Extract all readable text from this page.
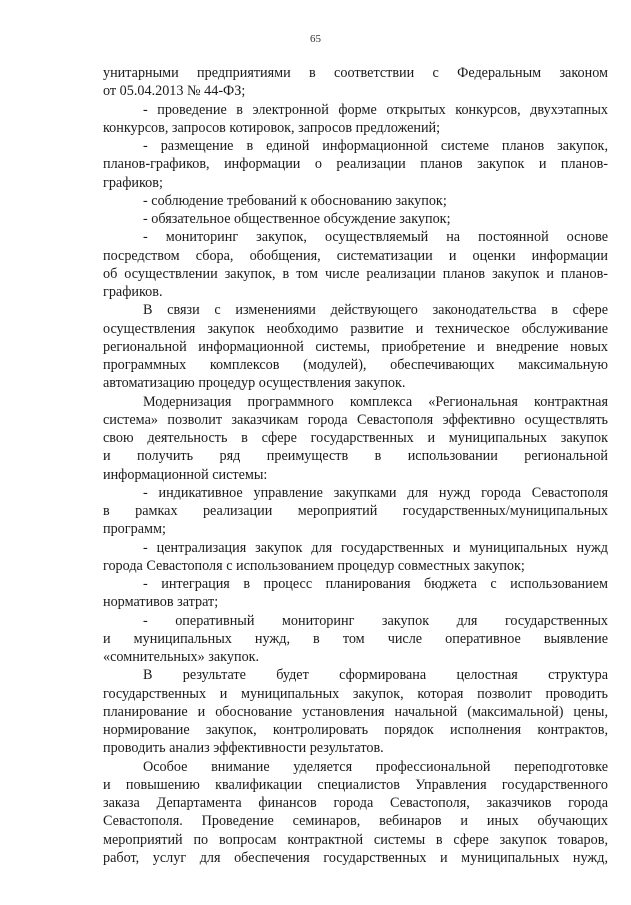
65
унитарными предприятиями в соответствии с Федеральным законом
от 05.04.2013 № 44-ФЗ;
- проведение в электронной форме открытых конкурсов, двухэтапных
конкурсов, запросов котировок, запросов предложений;
- размещение в единой информационной системе планов закупок,
планов-графиков, информации о реализации планов закупок и планов-
графиков;
- соблюдение требований к обоснованию закупок;
- обязательное общественное обсуждение закупок;
- мониторинг закупок, осуществляемый на постоянной основе
посредством сбора, обобщения, систематизации и оценки информации
об осуществлении закупок, в том числе реализации планов закупок и планов-
графиков.
В связи с изменениями действующего законодательства в сфере
осуществления закупок необходимо развитие и техническое обслуживание
региональной информационной системы, приобретение и внедрение новых
программных комплексов (модулей), обеспечивающих максимальную
автоматизацию процедур осуществления закупок.
Модернизация программного комплекса «Региональная контрактная
система» позволит заказчикам города Севастополя эффективно осуществлять
свою деятельность в сфере государственных и муниципальных закупок
и получить ряд преимуществ в использовании региональной
информационной системы:
- индикативное управление закупками для нужд города Севастополя
в рамках реализации мероприятий государственных/муниципальных
программ;
- централизация закупок для государственных и муниципальных нужд
города Севастополя с использованием процедур совместных закупок;
- интеграция в процесс планирования бюджета с использованием
нормативов затрат;
- оперативный мониторинг закупок для государственных
и муниципальных нужд, в том числе оперативное выявление
«сомнительных» закупок.
В результате будет сформирована целостная структура
государственных и муниципальных закупок, которая позволит проводить
планирование и обоснование установления начальной (максимальной) цены,
нормирование закупок, контролировать порядок исполнения контрактов,
проводить анализ эффективности результатов.
Особое внимание уделяется профессиональной переподготовке
и повышению квалификации специалистов Управления государственного
заказа Департамента финансов города Севастополя, заказчиков города
Севастополя. Проведение семинаров, вебинаров и иных обучающих
мероприятий по вопросам контрактной системы в сфере закупок товаров,
работ, услуг для обеспечения государственных и муниципальных нужд,
